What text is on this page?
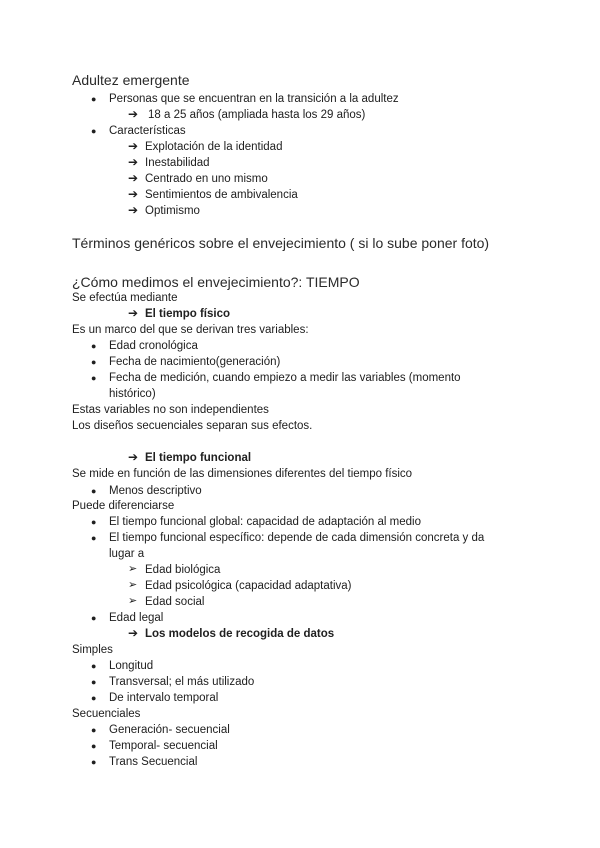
Adultez emergente
● Personas que se encuentran en la transición a la adultez
➔ 18 a 25 años (ampliada hasta los 29 años)
● Características
➔ Explotación de la identidad
➔ Inestabilidad
➔ Centrado en uno mismo
➔ Sentimientos de ambivalencia
➔ Optimismo
Términos genéricos sobre el envejecimiento ( si lo sube poner foto)
¿Cómo medimos el envejecimiento?: TIEMPO
Se efectúa mediante
➔ El tiempo físico
Es un marco del que se derivan tres variables:
● Edad cronológica
● Fecha de nacimiento(generación)
● Fecha de medición, cuando empiezo a medir las variables (momento
histórico)
Estas variables no son independientes
Los diseños secuenciales separan sus efectos.
➔ El tiempo funcional
Se mide en función de las dimensiones diferentes del tiempo físico
● Menos descriptivo
Puede diferenciarse
● El tiempo funcional global: capacidad de adaptación al medio
● El tiempo funcional específico: depende de cada dimensión concreta y da
lugar a
➢ Edad biológica
➢ Edad psicológica (capacidad adaptativa)
➢ Edad social
● Edad legal
➔ Los modelos de recogida de datos
Simples
● Longitud
● Transversal; el más utilizado
● De intervalo temporal
Secuenciales
● Generación- secuencial
● Temporal- secuencial
● Trans Secuencial
